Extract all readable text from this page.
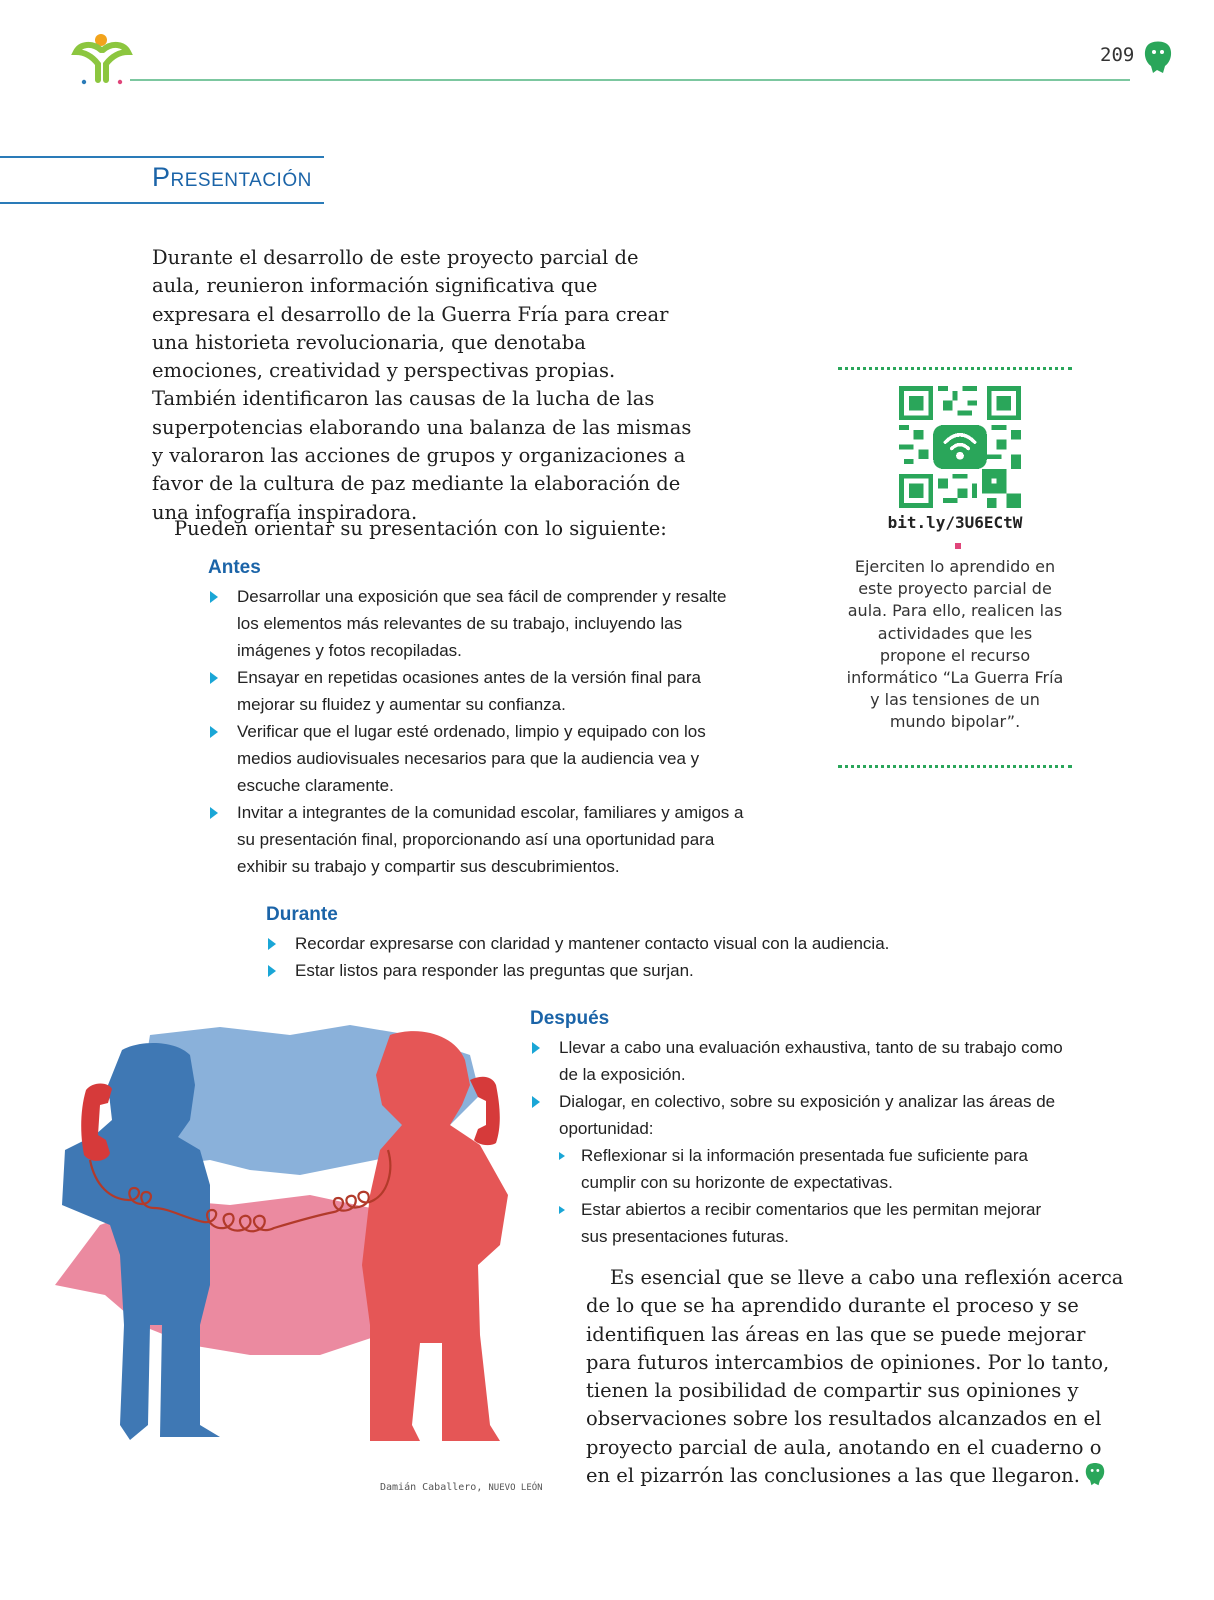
209
Presentación
Durante el desarrollo de este proyecto parcial de aula, reunieron información significativa que expresara el desarrollo de la Guerra Fría para crear una historieta revolucionaria, que denotaba emociones, creatividad y perspectivas propias. También identificaron las causas de la lucha de las superpotencias elaborando una balanza de las mismas y valoraron las acciones de grupos y organizaciones a favor de la cultura de paz mediante la elaboración de una infografía inspiradora.
Pueden orientar su presentación con lo siguiente:
Antes
Desarrollar una exposición que sea fácil de comprender y resalte los elementos más relevantes de su trabajo, incluyendo las imágenes y fotos recopiladas.
Ensayar en repetidas ocasiones antes de la versión final para mejorar su fluidez y aumentar su confianza.
Verificar que el lugar esté ordenado, limpio y equipado con los medios audiovisuales necesarios para que la audiencia vea y escuche claramente.
Invitar a integrantes de la comunidad escolar, familiares y amigos a su presentación final, proporcionando así una oportunidad para exhibir su trabajo y compartir sus descubrimientos.
Durante
Recordar expresarse con claridad y mantener contacto visual con la audiencia.
Estar listos para responder las preguntas que surjan.
Después
Llevar a cabo una evaluación exhaustiva, tanto de su trabajo como de la exposición.
Dialogar, en colectivo, sobre su exposición y analizar las áreas de oportunidad:
Reflexionar si la información presentada fue suficiente para cumplir con su horizonte de expectativas.
Estar abiertos a recibir comentarios que les permitan mejorar sus presentaciones futuras.
Es esencial que se lleve a cabo una reflexión acerca de lo que se ha aprendido durante el proceso y se identifiquen las áreas en las que se puede mejorar para futuros intercambios de opiniones. Por lo tanto, tienen la posibilidad de compartir sus opiniones y observaciones sobre los resultados alcanzados en el proyecto parcial de aula, anotando en el cuaderno o en el pizarrón las conclusiones a las que llegaron.
bit.ly/3U6ECtW
Ejerciten lo aprendido en este proyecto parcial de aula. Para ello, realicen las actividades que les propone el recurso informático “La Guerra Fría y las tensiones de un mundo bipolar”.
Damián Caballero, NUEVO LEÓN
